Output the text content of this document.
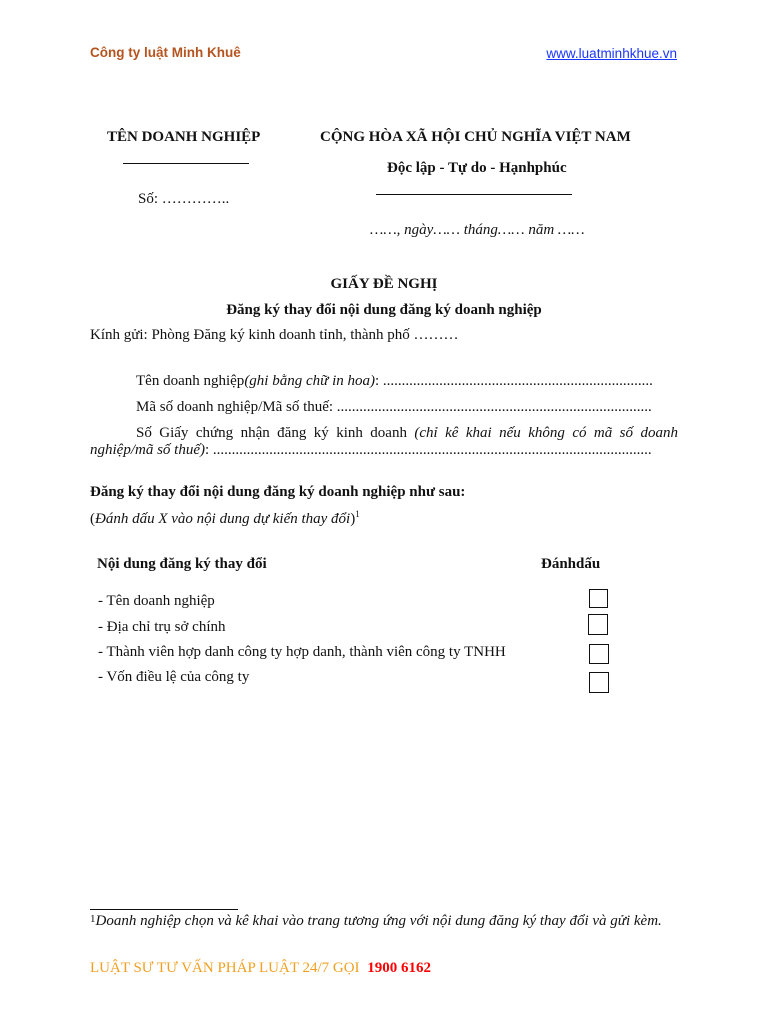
Công ty luật Minh Khuê	www.luatminhkhue.vn
TÊN DOANH NGHIỆP
Số: …………..
CỘNG HÒA XÃ HỘI CHỦ NGHĨA VIỆT NAM
Độc lập - Tự do - Hạnhphúc
……, ngày…… tháng…… năm ……
GIẤY ĐỀ NGHỊ
Đăng ký thay đổi nội dung đăng ký doanh nghiệp
Kính gửi: Phòng Đăng ký kinh doanh tỉnh, thành phố ………
Tên doanh nghiệp(ghi bằng chữ in hoa): ........................................................................
Mã số doanh nghiệp/Mã số thuế: ....................................................................................
Số Giấy chứng nhận đăng ký kinh doanh (chỉ kê khai nếu không có mã số doanh
nghiệp/mã số thuế): .....................................................................................................................
Đăng ký thay đổi nội dung đăng ký doanh nghiệp như sau:
(Đánh dấu X vào nội dung dự kiến thay đổi)$^1$
Nội dung đăng ký thay đổi	Đánhdấu
- Tên doanh nghiệp
- Địa chỉ trụ sở chính
- Thành viên hợp danh công ty hợp danh, thành viên công ty TNHH
- Vốn điều lệ của công ty
$^1$Doanh nghiệp chọn và kê khai vào trang tương ứng với nội dung đăng ký thay đổi và gửi kèm.
LUẬT SƯ TƯ VẤN PHÁP LUẬT 24/7 GỌI 1900 6162
